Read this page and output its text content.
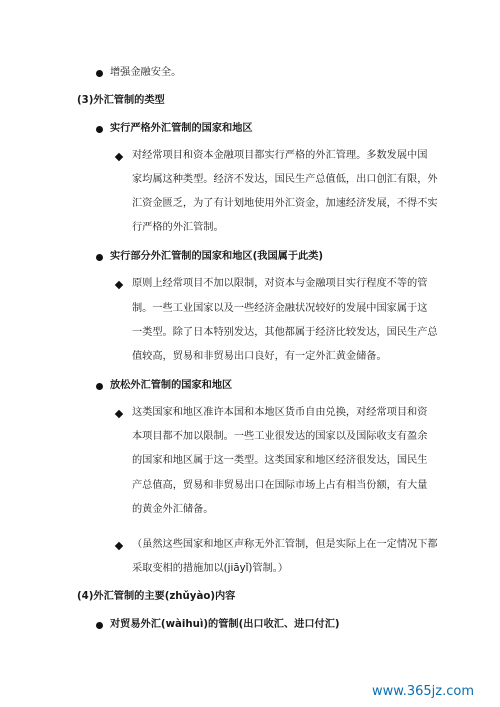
增强金融安全。
(3)外汇管制的类型
实行严格外汇管制的国家和地区
对经常项目和资本金融项目都实行严格的外汇管理。多数发展中国
家均属这种类型。经济不发达，国民生产总值低，出口创汇有限，外
汇资金匮乏，为了有计划地使用外汇资金，加速经济发展，不得不实
行严格的外汇管制。
实行部分外汇管制的国家和地区(我国属于此类)
原则上经常项目不加以限制，对资本与金融项目实行程度不等的管
制。一些工业国家以及一些经济金融状况较好的发展中国家属于这
一类型。除了日本特别发达，其他都属于经济比较发达，国民生产总
值较高，贸易和非贸易出口良好，有一定外汇黄金储备。
放松外汇管制的国家和地区
这类国家和地区准许本国和本地区货币自由兑换，对经常项目和资
本项目都不加以限制。一些工业很发达的国家以及国际收支有盈余
的国家和地区属于这一类型。这类国家和地区经济很发达，国民生
产总值高，贸易和非贸易出口在国际市场上占有相当份额，有大量
的黄金外汇储备。
（虽然这些国家和地区声称无外汇管制，但是实际上在一定情况下都
采取变相的措施加以(jiāyǐ)管制。）
(4)外汇管制的主要(zhǔyào)内容
对贸易外汇(wàihuì)的管制(出口收汇、进口付汇)
www.365jz.com
